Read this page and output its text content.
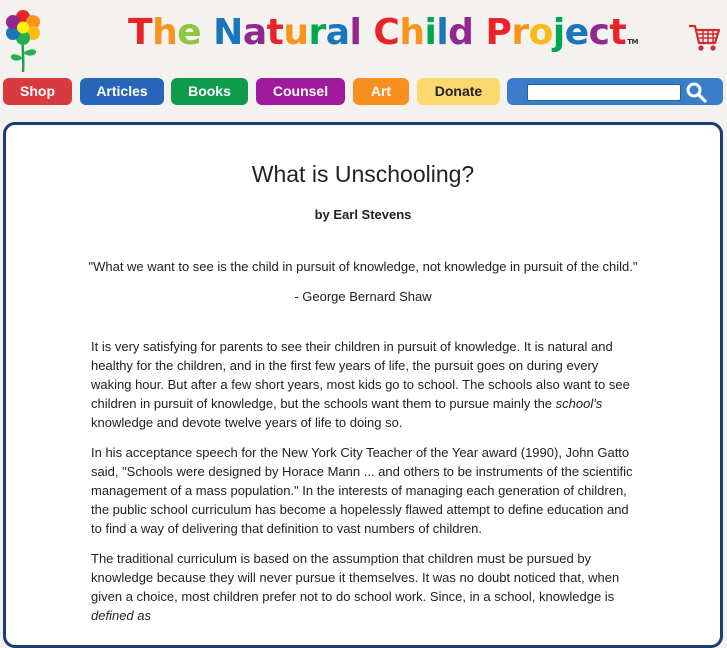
The Natural Child Project™
Shop	Articles	Books	Counsel	Art	Donate
What is Unschooling?
by Earl Stevens
"What we want to see is the child in pursuit of knowledge, not knowledge in pursuit of the child."
- George Bernard Shaw

It is very satisfying for parents to see their children in pursuit of knowledge. It is natural and healthy for the children, and in the first few years of life, the pursuit goes on during every waking hour. But after a few short years, most kids go to school. The schools also want to see children in pursuit of knowledge, but the schools want them to pursue mainly the school's knowledge and devote twelve years of life to doing so.

In his acceptance speech for the New York City Teacher of the Year award (1990), John Gatto said, "Schools were designed by Horace Mann ... and others to be instruments of the scientific management of a mass population." In the interests of managing each generation of children, the public school curriculum has become a hopelessly flawed attempt to define education and to find a way of delivering that definition to vast numbers of children.

The traditional curriculum is based on the assumption that children must be pursued by knowledge because they will never pursue it themselves. It was no doubt noticed that, when given a choice, most children prefer not to do school work. Since, in a school, knowledge is defined as
